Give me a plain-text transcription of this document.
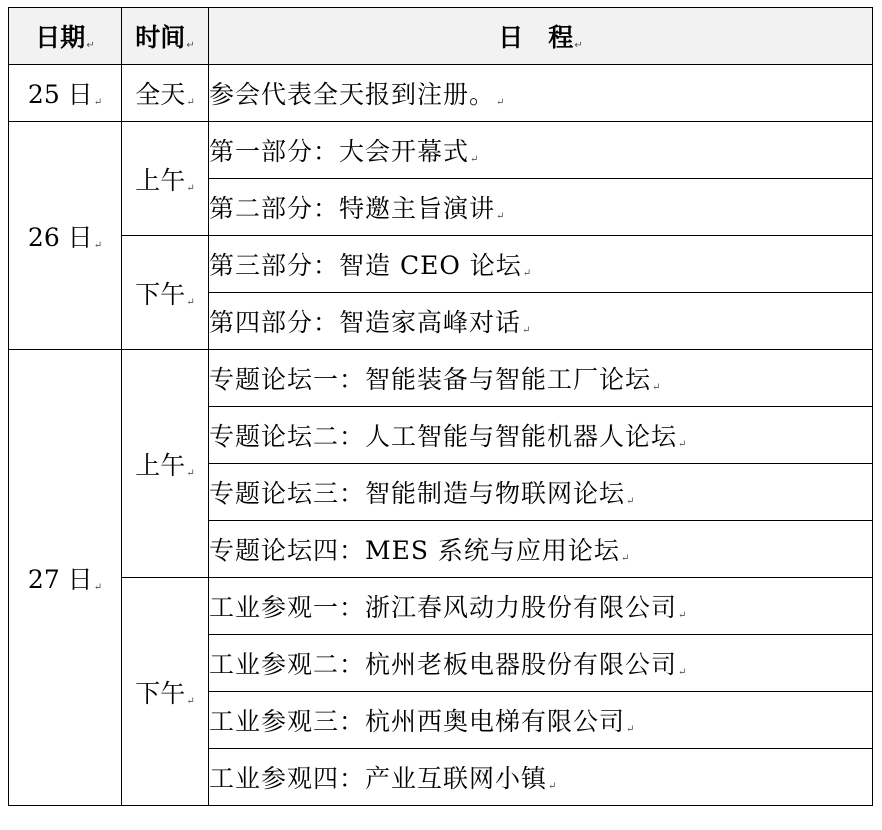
日期↵	时间↵	日　程↵
25 日↵	全天↵	参会代表全天报到注册。↵
26 日↵	上午↵	第一部分：大会开幕式↵
		第二部分：特邀主旨演讲↵
	下午↵	第三部分：智造 CEO 论坛↵
		第四部分：智造家高峰对话↵
27 日↵	上午↵	专题论坛一：智能装备与智能工厂论坛↵
		专题论坛二：人工智能与智能机器人论坛↵
		专题论坛三：智能制造与物联网论坛↵
		专题论坛四：MES 系统与应用论坛↵
	下午↵	工业参观一：浙江春风动力股份有限公司↵
		工业参观二：杭州老板电器股份有限公司↵
		工业参观三：杭州西奥电梯有限公司↵
		工业参观四：产业互联网小镇↵
